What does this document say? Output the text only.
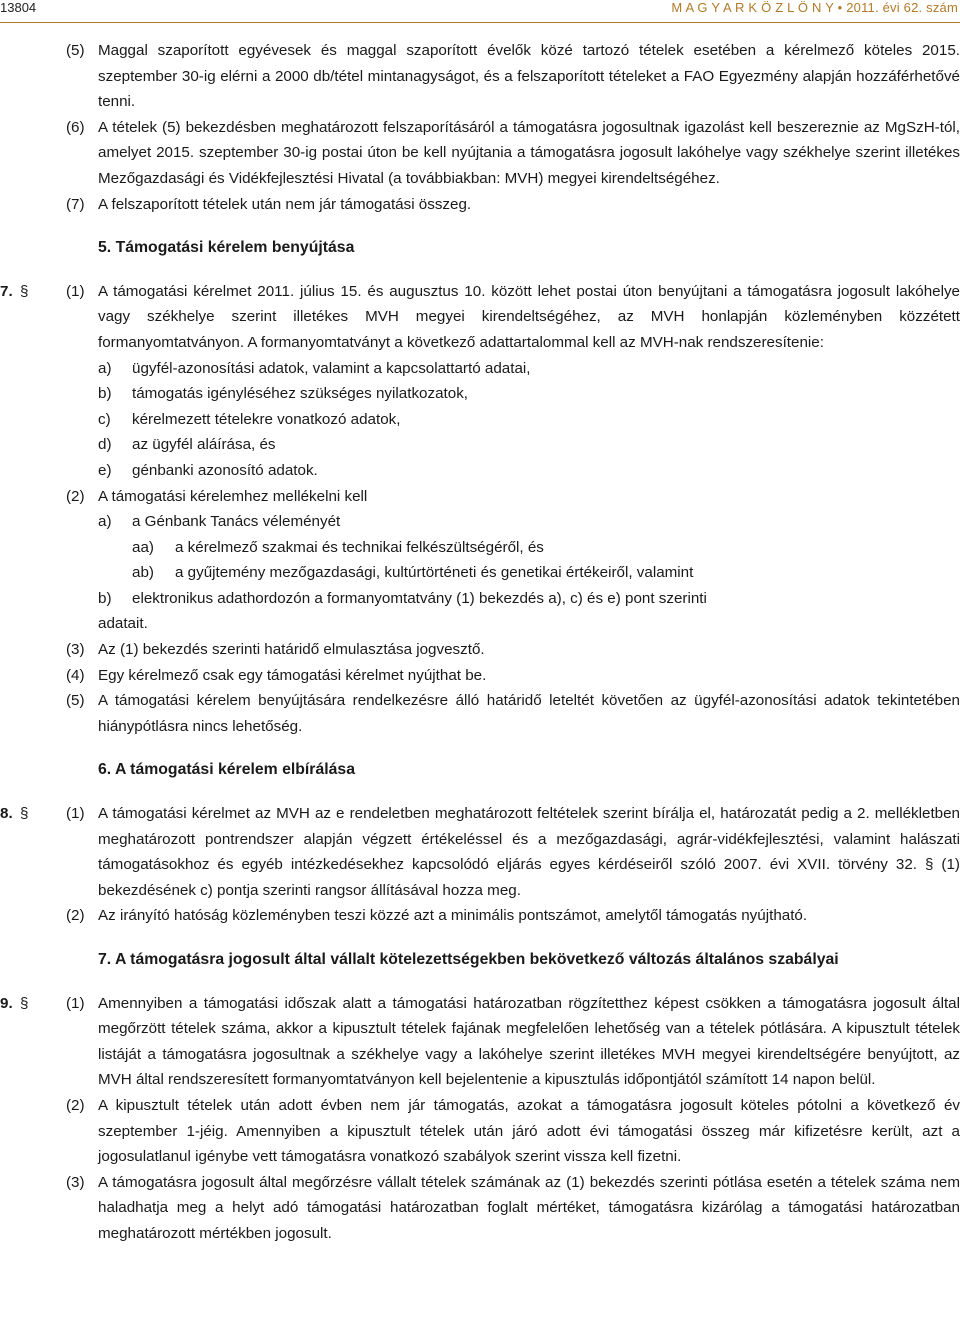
13804	M A G Y A R K Ö Z L Ö N Y • 2011. évi 62. szám
(5) Maggal szaporított egyévesek és maggal szaporított évelők közé tartozó tételek esetében a kérelmező köteles 2015. szeptember 30-ig elérni a 2000 db/tétel mintanagyságot, és a felszaporított tételeket a FAO Egyezmény alapján hozzáférhetővé tenni.
(6) A tételek (5) bekezdésben meghatározott felszaporításáról a támogatásra jogosultnak igazolást kell beszereznie az MgSzH-tól, amelyet 2015. szeptember 30-ig postai úton be kell nyújtania a támogatásra jogosult lakóhelye vagy székhelye szerint illetékes Mezőgazdasági és Vidékfejlesztési Hivatal (a továbbiakban: MVH) megyei kirendeltségéhez.
(7) A felszaporított tételek után nem jár támogatási összeg.
5. Támogatási kérelem benyújtása
7. § (1) A támogatási kérelmet 2011. július 15. és augusztus 10. között lehet postai úton benyújtani a támogatásra jogosult lakóhelye vagy székhelye szerint illetékes MVH megyei kirendeltségéhez, az MVH honlapján közleményben közzétett formanyomtatványon. A formanyomtatványt a következő adattartalommal kell az MVH-nak rendszeresítenie:
a) ügyfél-azonosítási adatok, valamint a kapcsolattartó adatai,
b) támogatás igényléséhez szükséges nyilatkozatok,
c) kérelmezett tételekre vonatkozó adatok,
d) az ügyfél aláírása, és
e) génbanki azonosító adatok.
(2) A támogatási kérelemhez mellékelni kell
a) a Génbank Tanács véleményét
aa) a kérelmező szakmai és technikai felkészültségéről, és
ab) a gyűjtemény mezőgazdasági, kultúrtörténeti és genetikai értékeiről, valamint
b) elektronikus adathordozón a formanyomtatvány (1) bekezdés a), c) és e) pont szerinti
adatait.
(3) Az (1) bekezdés szerinti határidő elmulasztása jogvesztő.
(4) Egy kérelmező csak egy támogatási kérelmet nyújthat be.
(5) A támogatási kérelem benyújtására rendelkezésre álló határidő leteltét követően az ügyfél-azonosítási adatok tekintetében hiánypótlásra nincs lehetőség.
6. A támogatási kérelem elbírálása
8. § (1) A támogatási kérelmet az MVH az e rendeletben meghatározott feltételek szerint bírálja el, határozatát pedig a 2. mellékletben meghatározott pontrendszer alapján végzett értékeléssel és a mezőgazdasági, agrár-vidékfejlesztési, valamint halászati támogatásokhoz és egyéb intézkedésekhez kapcsolódó eljárás egyes kérdéseiről szóló 2007. évi XVII. törvény 32. § (1) bekezdésének c) pontja szerinti rangsor állításával hozza meg.
(2) Az irányító hatóság közleményben teszi közzé azt a minimális pontszámot, amelytől támogatás nyújtható.
7. A támogatásra jogosult által vállalt kötelezettségekben bekövetkező változás általános szabályai
9. § (1) Amennyiben a támogatási időszak alatt a támogatási határozatban rögzítetthez képest csökken a támogatásra jogosult által megőrzött tételek száma, akkor a kipusztult tételek fajának megfelelően lehetőség van a tételek pótlására. A kipusztult tételek listáját a támogatásra jogosultnak a székhelye vagy a lakóhelye szerint illetékes MVH megyei kirendeltségére benyújtott, az MVH által rendszeresített formanyomtatványon kell bejelentenie a kipusztulás időpontjától számított 14 napon belül.
(2) A kipusztult tételek után adott évben nem jár támogatás, azokat a támogatásra jogosult köteles pótolni a következő év szeptember 1-jéig. Amennyiben a kipusztult tételek után járó adott évi támogatási összeg már kifizetésre került, azt a jogosulatlanul igénybe vett támogatásra vonatkozó szabályok szerint vissza kell fizetni.
(3) A támogatásra jogosult által megőrzésre vállalt tételek számának az (1) bekezdés szerinti pótlása esetén a tételek száma nem haladhatja meg a helyt adó támogatási határozatban foglalt mértéket, támogatásra kizárólag a támogatási határozatban meghatározott mértékben jogosult.
